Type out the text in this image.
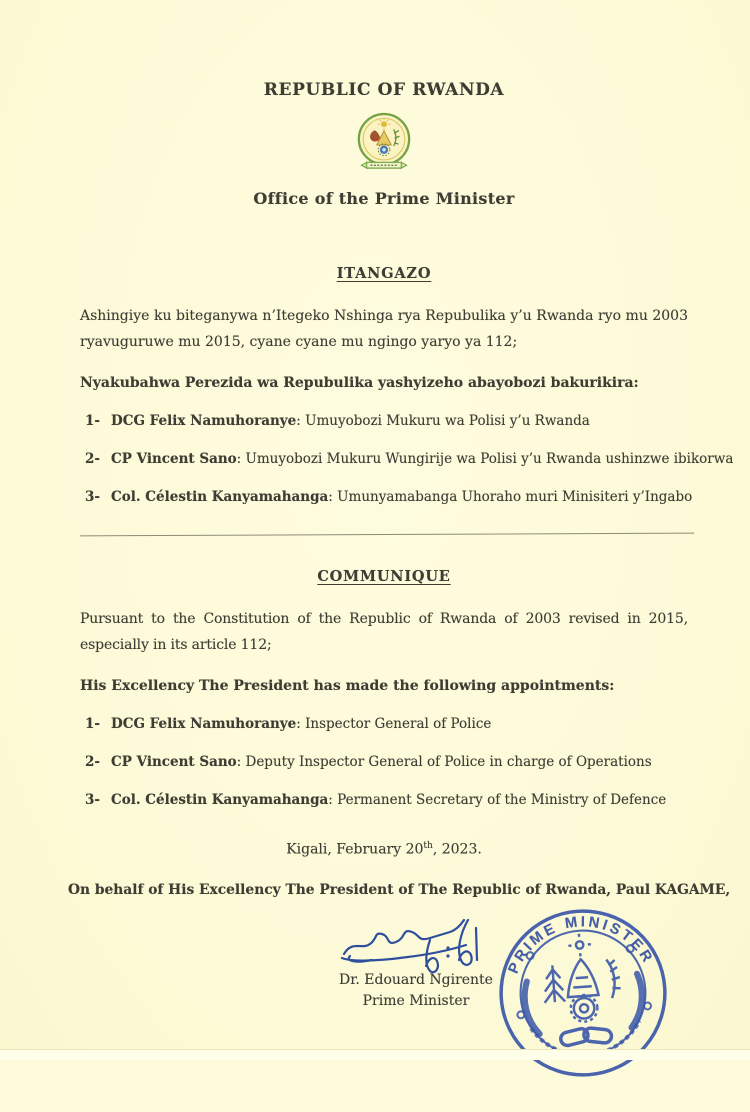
REPUBLIC OF RWANDA

Office of the Prime Minister

ITANGAZO

Ashingiye ku biteganywa n’Itegeko Nshinga rya Repubulika y’u Rwanda ryo mu 2003 ryavuguruwe mu 2015, cyane cyane mu ngingo yaryo ya 112;

Nyakubahwa Perezida wa Repubulika yashyizeho abayobozi bakurikira:

1- DCG Felix Namuhoranye: Umuyobozi Mukuru wa Polisi y’u Rwanda

2- CP Vincent Sano: Umuyobozi Mukuru Wungirije wa Polisi y’u Rwanda ushinzwe ibikorwa

3- Col. Célestin Kanyamahanga: Umunyamabanga Uhoraho muri Minisiteri y’Ingabo

COMMUNIQUE

Pursuant to the Constitution of the Republic of Rwanda of 2003 revised in 2015, especially in its article 112;

His Excellency The President has made the following appointments:

1- DCG Felix Namuhoranye: Inspector General of Police

2- CP Vincent Sano: Deputy Inspector General of Police in charge of Operations

3- Col. Célestin Kanyamahanga: Permanent Secretary of the Ministry of Defence

Kigali, February 20th, 2023.

On behalf of His Excellency The President of The Republic of Rwanda, Paul KAGAME,

Dr. Edouard Ngirente
Prime Minister
PRIME MINISTER
